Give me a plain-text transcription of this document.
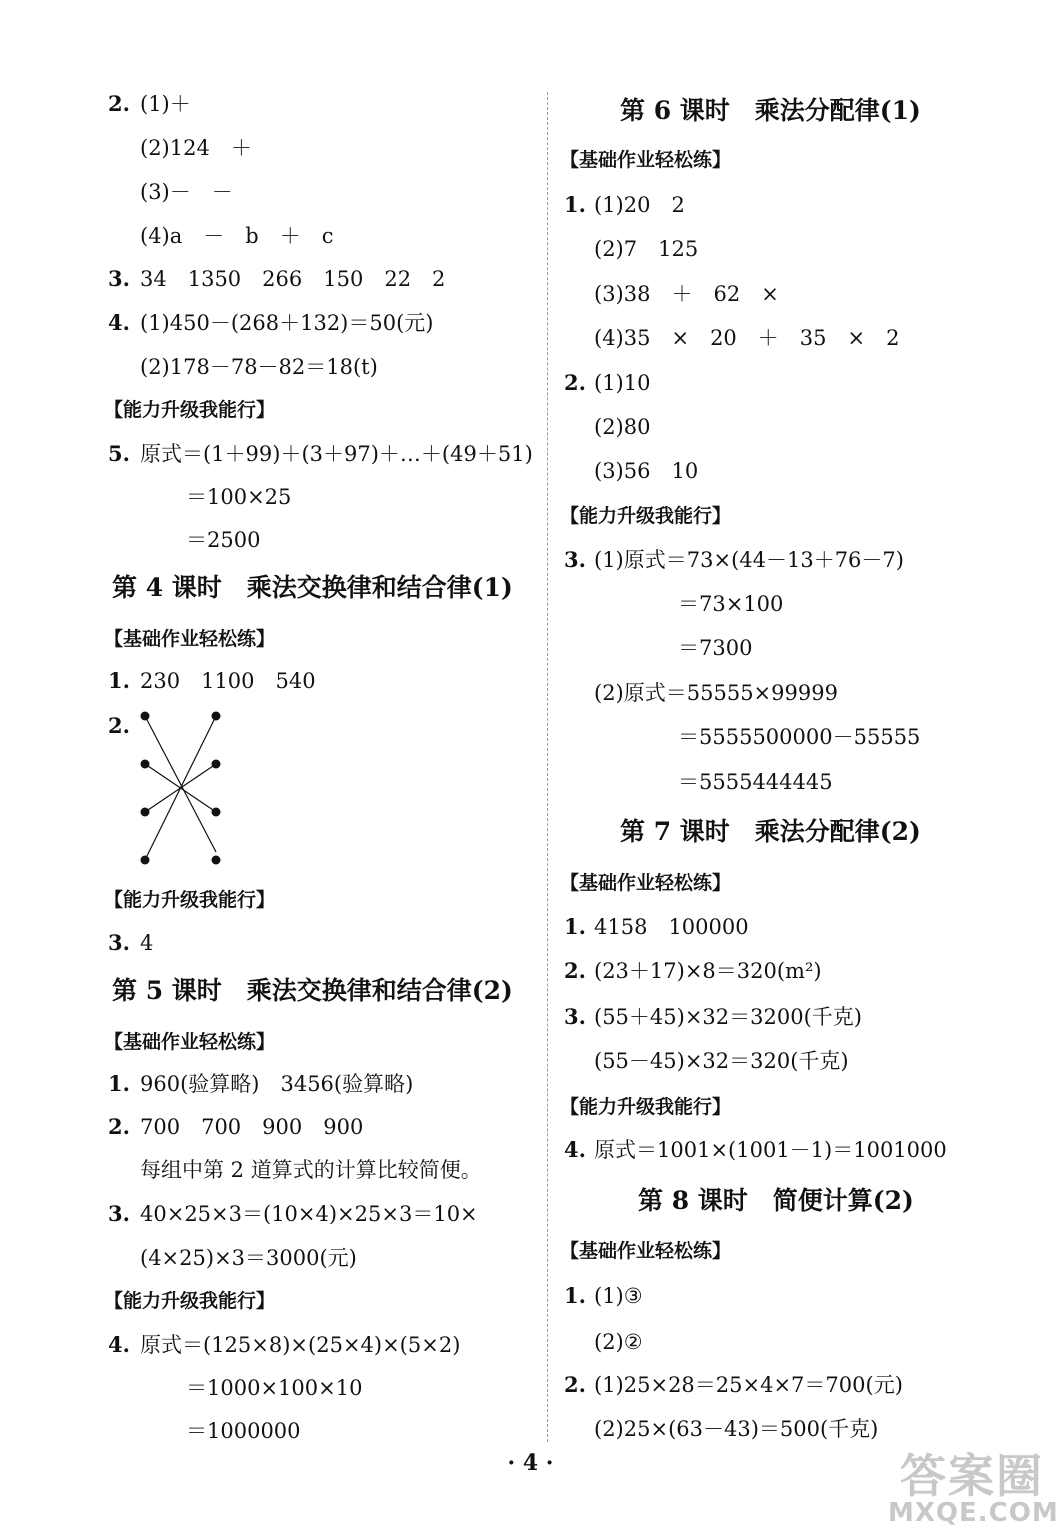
2. (1)＋
(2)124　＋
(3)－　－
(4)a　－　b　＋　c
3. 34　1350　266　150　22　2
4. (1)450－(268＋132)＝50(元)
(2)178－78－82＝18(t)
【能力升级我能行】
5. 原式＝(1＋99)＋(3＋97)＋…＋(49＋51)
＝100×25
＝2500
第 4 课时　乘法交换律和结合律(1)
【基础作业轻松练】
1. 230　1100　540
2.
【能力升级我能行】
3. 4
第 5 课时　乘法交换律和结合律(2)
【基础作业轻松练】
1. 960(验算略)　3456(验算略)
2. 700　700　900　900
每组中第 2 道算式的计算比较简便。
3. 40×25×3＝(10×4)×25×3＝10×
(4×25)×3＝3000(元)
【能力升级我能行】
4. 原式＝(125×8)×(25×4)×(5×2)
＝1000×100×10
＝1000000
第 6 课时　乘法分配律(1)
【基础作业轻松练】
1. (1)20　2
(2)7　125
(3)38　＋　62　×
(4)35　×　20　＋　35　×　2
2. (1)10
(2)80
(3)56　10
【能力升级我能行】
3. (1)原式＝73×(44－13＋76－7)
＝73×100
＝7300
(2)原式＝55555×99999
＝5555500000－55555
＝5555444445
第 7 课时　乘法分配律(2)
【基础作业轻松练】
1. 4158　100000
2. (23＋17)×8＝320(m²)
3. (55＋45)×32＝3200(千克)
(55－45)×32＝320(千克)
【能力升级我能行】
4. 原式＝1001×(1001－1)＝1001000
第 8 课时　简便计算(2)
【基础作业轻松练】
1. (1)③
(2)②
2. (1)25×28＝25×4×7＝700(元)
(2)25×(63－43)＝500(千克)
· 4 ·	答案圈
MXQE.COM
